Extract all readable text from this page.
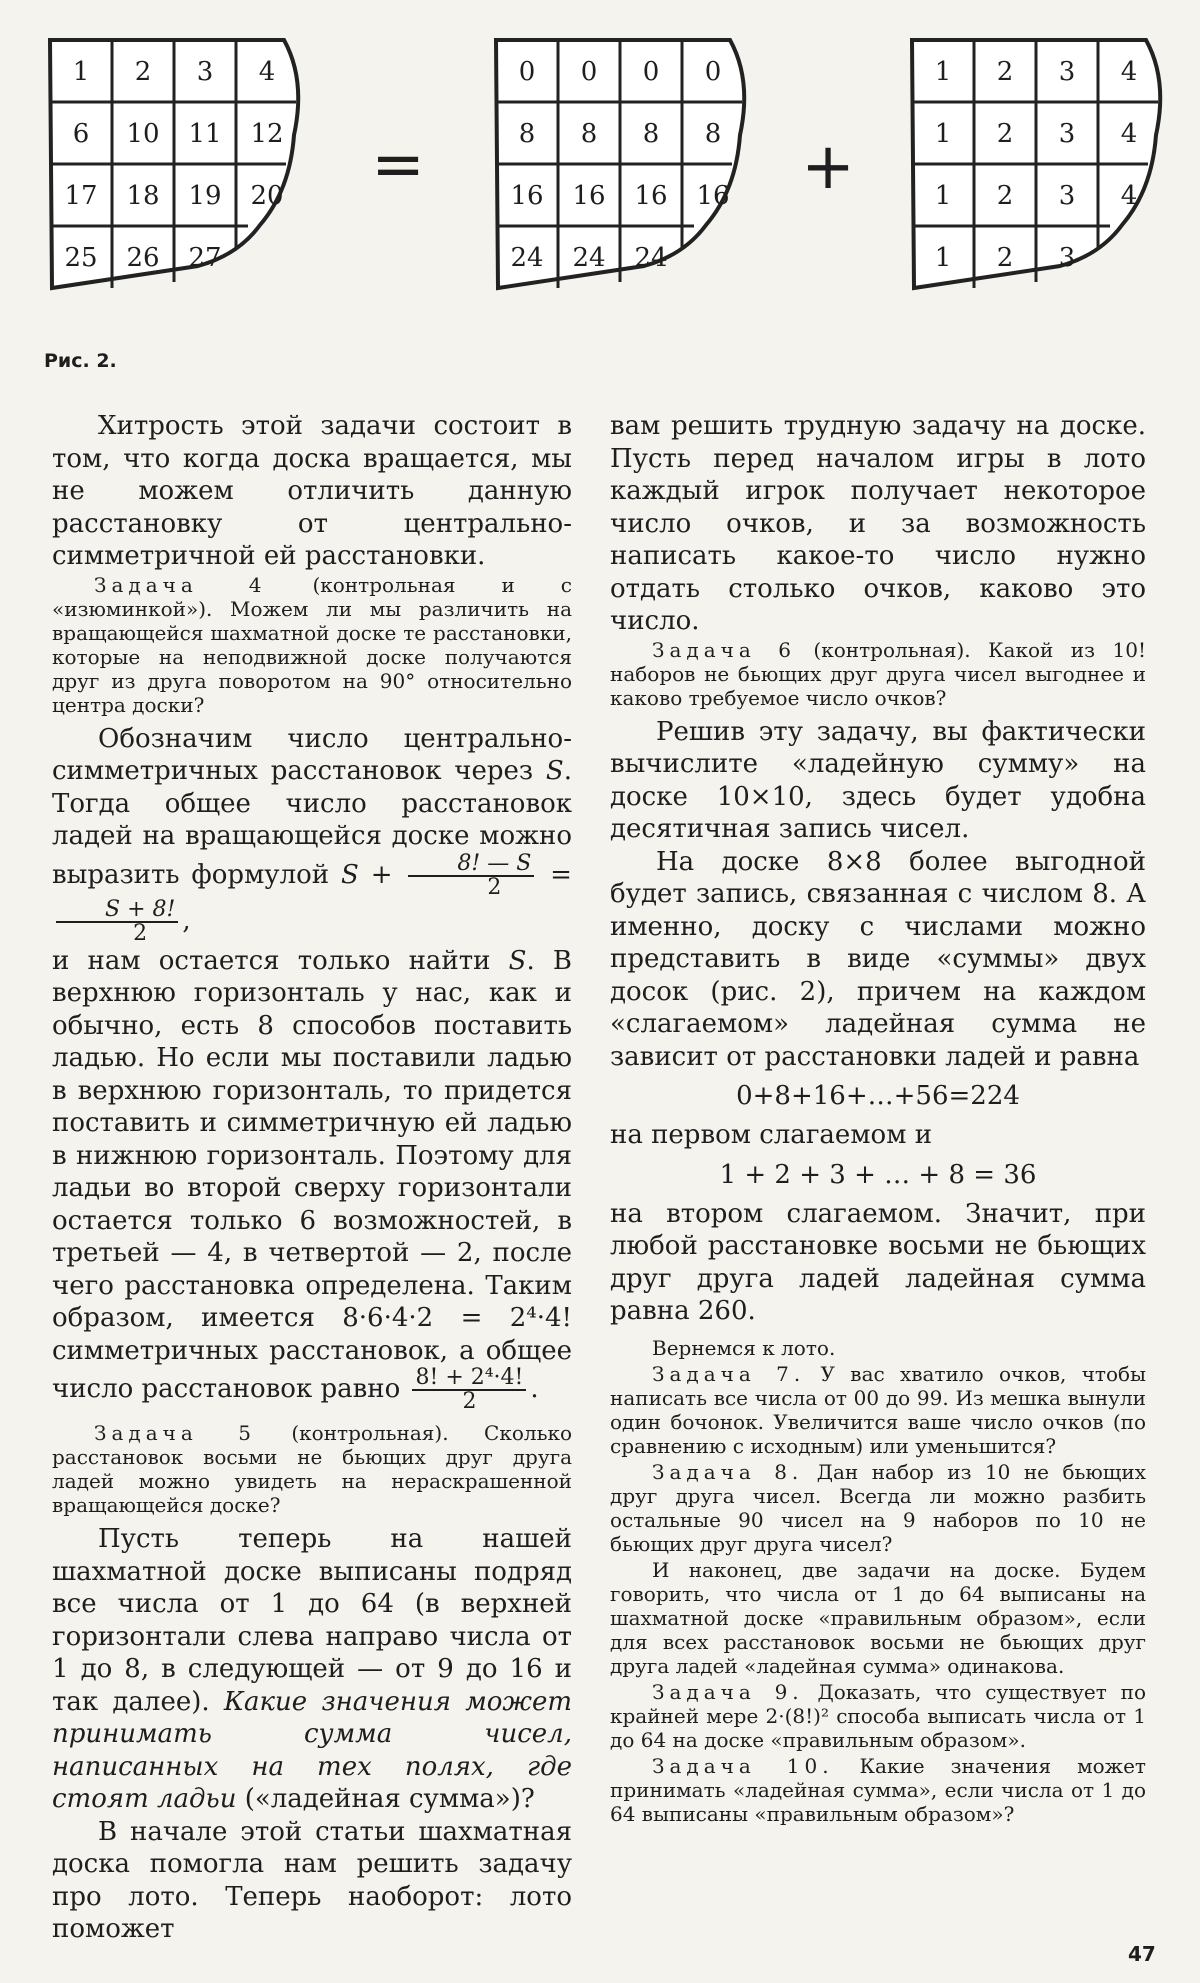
1 2 3 4
6 10 11 12
17 18 19 20
25 26 27
0 0 0 0
8 8 8 8
16 16 16 16
24 24 24
1 2 3 4
1 2 3 4
1 2 3 4
1 2 3
=	+
Рис. 2.

Хитрость этой задачи состоит в том, что когда доска вращается, мы не можем отличить данную расстановку от центрально-симметричной ей расстановки.

Задача 4 (контрольная и с «изюминкой»). Можем ли мы различить на вращающейся шахматной доске те расстановки, которые на неподвижной доске получаются друг из друга поворотом на 90° относительно центра доски?

Обозначим число центрально-симметричных расстановок через S. Тогда общее число расстановок ладей на вращающейся доске можно выразить формулой $S + \frac{8! — S}{2}$ =
$\frac{S + 8!}{2}$ ,

и нам остается только найти S. В верхнюю горизонталь у нас, как и обычно, есть 8 способов поставить ладью. Но если мы поставили ладью в верхнюю горизонталь, то придется поставить и симметричную ей ладью в нижнюю горизонталь. Поэтому для ладьи во второй сверху горизонтали остается только 6 возможностей, в третьей — 4, в четвертой — 2, после чего расстановка определена. Таким образом, имеется 8·6·4·2 = 2⁴·4! симметричных расстановок, а общее число расстановок равно $\frac{\text{8! + 2⁴·4!}}{2}$ .

Задача 5 (контрольная). Сколько расстановок восьми не бьющих друг друга ладей можно увидеть на нераскрашенной вращающейся доске?

Пусть теперь на нашей шахматной доске выписаны подряд все числа от 1 до 64 (в верхней горизонтали слева направо числа от 1 до 8, в следующей — от 9 до 16 и так далее). Какие значения может принимать сумма чисел, написанных на тех полях, где стоят ладьи («ладейная сумма»)?

В начале этой статьи шахматная доска помогла нам решить задачу про лото. Теперь наоборот: лото поможет

вам решить трудную задачу на доске. Пусть перед началом игры в лото каждый игрок получает некоторое число очков, и за возможность написать какое-то число нужно отдать столько очков, каково это число.

Задача 6 (контрольная). Какой из 10! наборов не бьющих друг друга чисел выгоднее и каково требуемое число очков?

Решив эту задачу, вы фактически вычислите «ладейную сумму» на доске 10×10, здесь будет удобна десятичная запись чисел.

На доске 8×8 более выгодной будет запись, связанная с числом 8. А именно, доску с числами можно представить в виде «суммы» двух досок (рис. 2), причем на каждом «слагаемом» ладейная сумма не зависит от расстановки ладей и равна

0+8+16+…+56=224

на первом слагаемом и

1 + 2 + 3 + … + 8 = 36

на втором слагаемом. Значит, при любой расстановке восьми не бьющих друг друга ладей ладейная сумма равна 260.

Вернемся к лото.

Задача 7. У вас хватило очков, чтобы написать все числа от 00 до 99. Из мешка вынули один бочонок. Увеличится ваше число очков (по сравнению с исходным) или уменьшится?

Задача 8. Дан набор из 10 не бьющих друг друга чисел. Всегда ли можно разбить остальные 90 чисел на 9 наборов по 10 не бьющих друг друга чисел?

И наконец, две задачи на доске. Будем говорить, что числа от 1 до 64 выписаны на шахматной доске «правильным образом», если для всех расстановок восьми не бьющих друг друга ладей «ладейная сумма» одинакова.

Задача 9. Доказать, что существует по крайней мере 2·(8!)² способа выписать числа от 1 до 64 на доске «правильным образом».

Задача 10. Какие значения может принимать «ладейная сумма», если числа от 1 до 64 выписаны «правильным образом»?

47
